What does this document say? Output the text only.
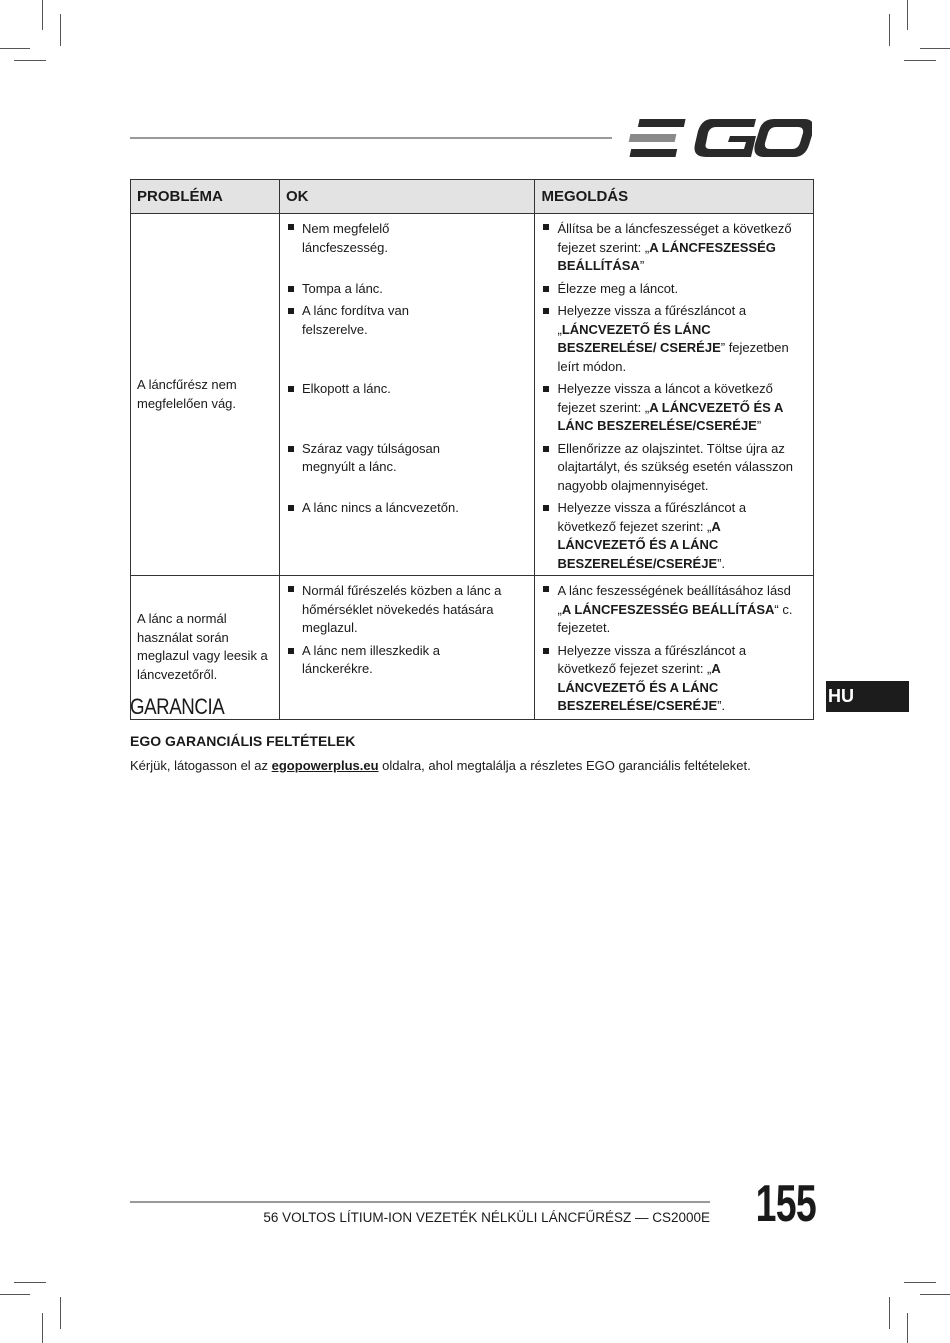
PROBLÉMA	OK	MEGOLDÁS

A láncfűrész nem megfelelően vág.	Nem megfelelő láncfeszesség.	Állítsa be a láncfeszességet a következő fejezet szerint: „A LÁNCFESZESSÉG BEÁLLÍTÁSA”

	Tompa a lánc.	Élezze meg a láncot.

	A lánc fordítva van felszerelve.	Helyezze vissza a fűrészláncot a „LÁNCVEZETŐ ÉS LÁNC BESZERELÉSE/ CSERÉJE” fejezetben leírt módon.

	Elkopott a lánc.	Helyezze vissza a láncot a következő fejezet szerint: „A LÁNCVEZETŐ ÉS A LÁNC BESZERELÉSE/CSERÉJE”

	Száraz vagy túlságosan megnyúlt a lánc.	Ellenőrizze az olajszintet. Töltse újra az olajtartályt, és szükség esetén válasszon nagyobb olajmennyiséget.

	A lánc nincs a láncvezetőn.	Helyezze vissza a fűrészláncot a következő fejezet szerint: „A LÁNCVEZETŐ ÉS A LÁNC BESZERELÉSE/CSERÉJE”.

A lánc a normál használat során meglazul vagy leesik a láncvezetőről.	Normál fűrészelés közben a lánc a hőmérséklet növekedés hatására meglazul.	A lánc feszességének beállításához lásd „A LÁNCFESZESSÉG BEÁLLÍTÁSA“ c. fejezetet.

	A lánc nem illeszkedik a lánckerékre.	Helyezze vissza a fűrészláncot a következő fejezet szerint: „A LÁNCVEZETŐ ÉS A LÁNC BESZERELÉSE/CSERÉJE”.
GARANCIA	HU
EGO GARANCIÁLIS FELTÉTELEK
Kérjük, látogasson el az egopowerplus.eu oldalra, ahol megtalálja a részletes EGO garanciális feltételeket.
56 VOLTOS LÍTIUM-ION VEZETÉK NÉLKÜLI LÁNCFŰRÉSZ — CS2000E 155
